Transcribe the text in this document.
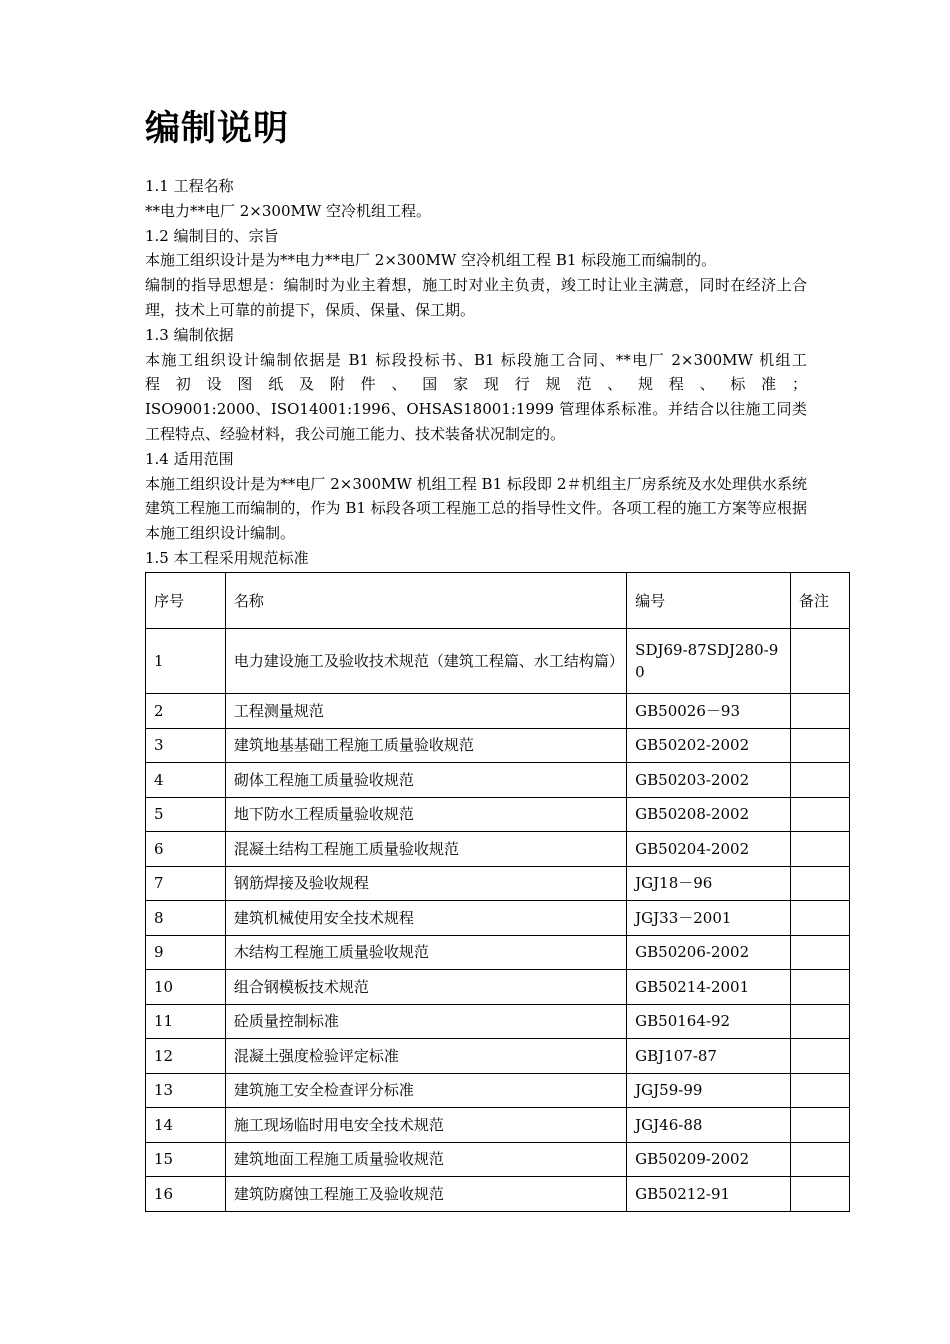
编制说明

1.1 工程名称

**电力**电厂 2×300MW 空冷机组工程。

1.2 编制目的、宗旨

本施工组织设计是为**电力**电厂 2×300MW 空冷机组工程 B1 标段施工而编制的。

编制的指导思想是：编制时为业主着想，施工时对业主负责，竣工时让业主满意，同时在经济上合理，技术上可靠的前提下，保质、保量、保工期。

1.3 编制依据

本施工组织设计编制依据是 B1 标段投标书、B1 标段施工合同、**电厂 2×300MW 机组工

程 初 设 图 纸 及 附 件 、 国 家 现 行 规 范 、 规 程 、 标 准 ；

ISO9001:2000、ISO14001:1996、OHSAS18001:1999 管理体系标准。并结合以往施工同类工程特点、经验材料，我公司施工能力、技术装备状况制定的。

1.4 适用范围

本施工组织设计是为**电厂 2×300MW 机组工程 B1 标段即 2＃机组主厂房系统及水处理供水系统建筑工程施工而编制的，作为 B1 标段各项工程施工总的指导性文件。各项工程的施工方案等应根据本施工组织设计编制。

1.5 本工程采用规范标准

序号	名称	编号	备注
1	电力建设施工及验收技术规范（建筑工程篇、水工结构篇）	SDJ69-87SDJ280-9 0	
2	工程测量规范	GB50026－93	
3	建筑地基基础工程施工质量验收规范	GB50202-2002	
4	砌体工程施工质量验收规范	GB50203-2002	
5	地下防水工程质量验收规范	GB50208-2002	
6	混凝土结构工程施工质量验收规范	GB50204-2002	
7	钢筋焊接及验收规程	JGJ18－96	
8	建筑机械使用安全技术规程	JGJ33－2001	
9	木结构工程施工质量验收规范	GB50206-2002	
10	组合钢模板技术规范	GB50214-2001	
11	砼质量控制标准	GB50164-92	
12	混凝土强度检验评定标准	GBJ107-87	
13	建筑施工安全检查评分标准	JGJ59-99	
14	施工现场临时用电安全技术规范	JGJ46-88	
15	建筑地面工程施工质量验收规范	GB50209-2002	
16	建筑防腐蚀工程施工及验收规范	GB50212-91	
